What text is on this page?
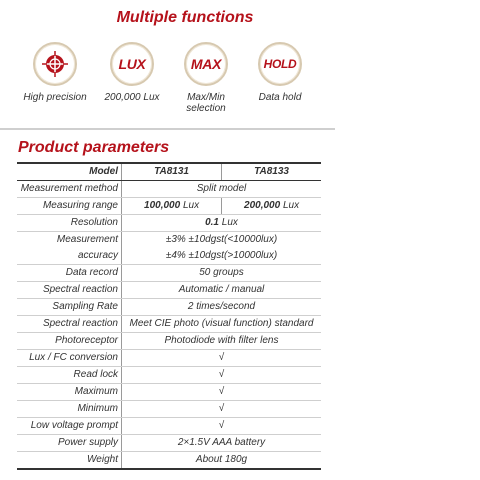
Multiple functions
High precision
LUX
200,000 Lux
MAX
Max/Min selection
HOLD
Data hold
Product parameters
Model	TA8131	TA8133
Measurement method	Split model	
Measuring range	100,000 Lux	200,000 Lux
Resolution	0.1 Lux	
Measurement	±3% ±10dgst(<10000lux)	
accuracy	±4% ±10dgst(>10000lux)	
Data record	50 groups	
Spectral reaction	Automatic / manual	
Sampling Rate	2 times/second	
Spectral reaction	Meet CIE photo (visual function) standard	
Photoreceptor	Photodiode with filter lens	
Lux / FC conversion	√	
Read lock	√	
Maximum	√	
Minimum	√	
Low voltage prompt	√	
Power supply	2×1.5V AAA battery	
Weight	About 180g	
